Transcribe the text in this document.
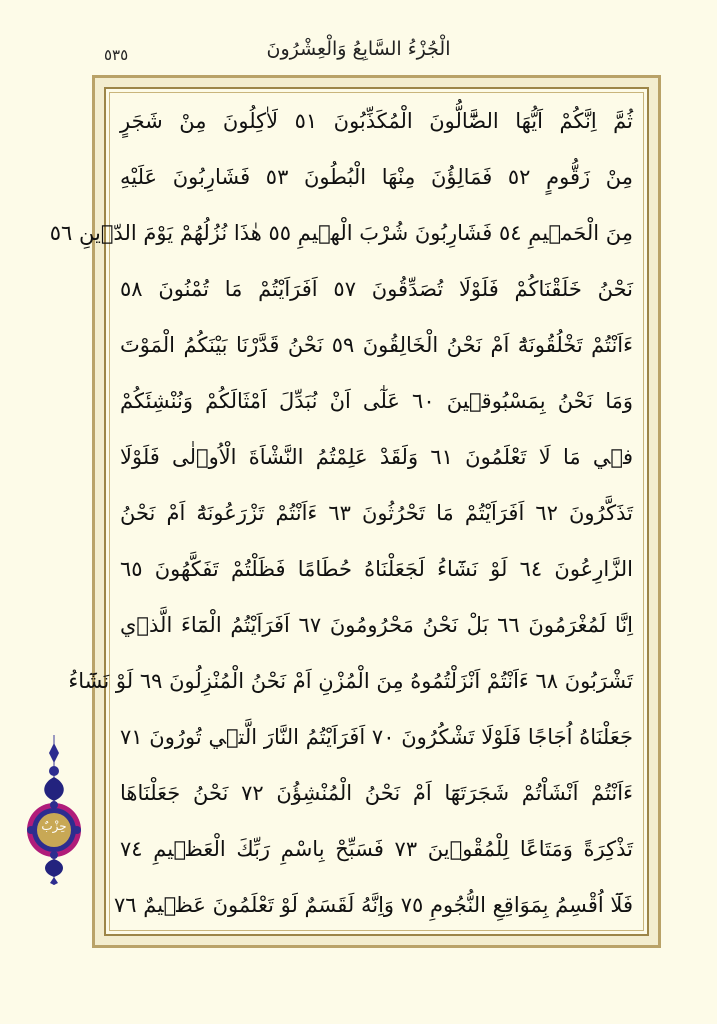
الْجُزْءُ السَّابِعُ وَالْعِشْرُونَ
٥٣٥
ثُمَّ اِنَّكُمْ اَيُّهَا الضَّٓالُّونَ الْمُكَذِّبُونَ ٥١ لَاٰكِلُونَ مِنْ شَجَرٍ
مِنْ زَقُّومٍ ٥٢ فَمَالِؤُنَ مِنْهَا الْبُطُونَ ٥٣ فَشَارِبُونَ عَلَيْهِ
مِنَ الْحَم۪يمِ ٥٤ فَشَارِبُونَ شُرْبَ الْه۪يمِ ٥٥ هٰذَا نُزُلُهُمْ يَوْمَ الدّ۪ينِ ٥٦
نَحْنُ خَلَقْنَاكُمْ فَلَوْلَا تُصَدِّقُونَ ٥٧ اَفَرَاَيْتُمْ مَا تُمْنُونَ ٥٨
ءَاَنْتُمْ تَخْلُقُونَهُٓ اَمْ نَحْنُ الْخَالِقُونَ ٥٩ نَحْنُ قَدَّرْنَا بَيْنَكُمُ الْمَوْتَ
وَمَا نَحْنُ بِمَسْبُوق۪ينَ ٦٠ عَلٰٓى اَنْ نُبَدِّلَ اَمْثَالَكُمْ وَنُنْشِئَكُمْ
ف۪ي مَا لَا تَعْلَمُونَ ٦١ وَلَقَدْ عَلِمْتُمُ النَّشْاَةَ الْاُو۫لٰى فَلَوْلَا
تَذَكَّرُونَ ٦٢ اَفَرَاَيْتُمْ مَا تَحْرُثُونَ ٦٣ ءَاَنْتُمْ تَزْرَعُونَهُٓ اَمْ نَحْنُ
الزَّارِعُونَ ٦٤ لَوْ نَشَٓاءُ لَجَعَلْنَاهُ حُطَامًا فَظَلْتُمْ تَفَكَّهُونَ ٦٥
اِنَّا لَمُغْرَمُونَ ٦٦ بَلْ نَحْنُ مَحْرُومُونَ ٦٧ اَفَرَاَيْتُمُ الْمَٓاءَ الَّذ۪ي
تَشْرَبُونَ ٦٨ ءَاَنْتُمْ اَنْزَلْتُمُوهُ مِنَ الْمُزْنِ اَمْ نَحْنُ الْمُنْزِلُونَ ٦٩ لَوْ نَشَٓاءُ
جَعَلْنَاهُ اُجَاجًا فَلَوْلَا تَشْكُرُونَ ٧٠ اَفَرَاَيْتُمُ النَّارَ الَّت۪ي تُورُونَ ٧١
ءَاَنْتُمْ اَنْشَاْتُمْ شَجَرَتَهَٓا اَمْ نَحْنُ الْمُنْشِؤُنَ ٧٢ نَحْنُ جَعَلْنَاهَا
تَذْكِرَةً وَمَتَاعًا لِلْمُقْو۪ينَ ٧٣ فَسَبِّحْ بِاسْمِ رَبِّكَ الْعَظ۪يمِ ٧٤
فَلَٓا اُقْسِمُ بِمَوَاقِعِ النُّجُومِ ٧٥ وَاِنَّهُ لَقَسَمٌ لَوْ تَعْلَمُونَ عَظ۪يمٌ ٧٦
حِزْبٌ
